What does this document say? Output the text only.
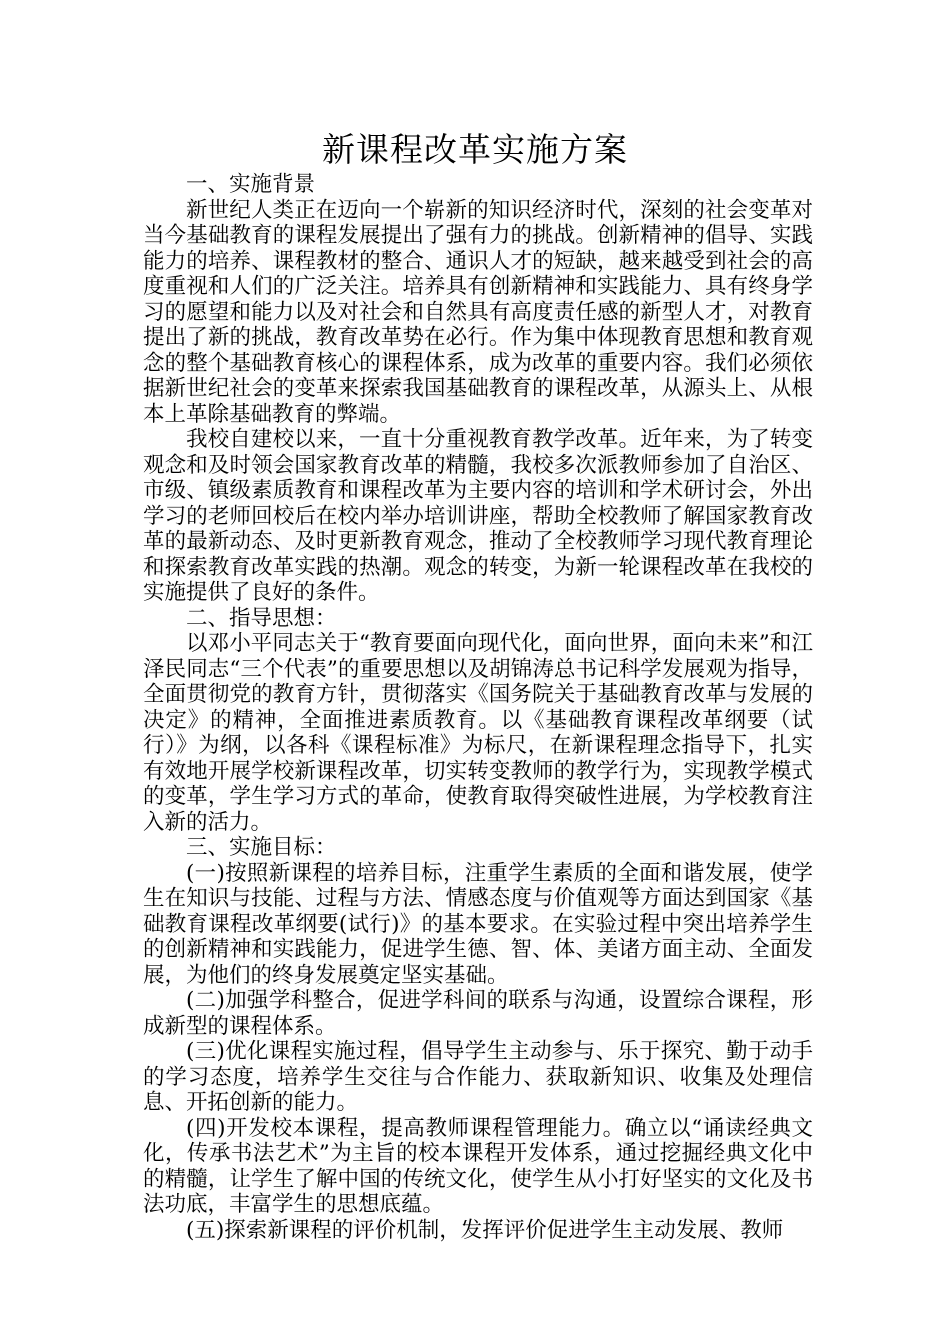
新课程改革实施方案

一、实施背景

新世纪人类正在迈向一个崭新的知识经济时代，深刻的社会变革对当今基础教育的课程发展提出了强有力的挑战。创新精神的倡导、实践能力的培养、课程教材的整合、通识人才的短缺，越来越受到社会的高度重视和人们的广泛关注。培养具有创新精神和实践能力、具有终身学习的愿望和能力以及对社会和自然具有高度责任感的新型人才，对教育提出了新的挑战，教育改革势在必行。作为集中体现教育思想和教育观念的整个基础教育核心的课程体系，成为改革的重要内容。我们必须依据新世纪社会的变革来探索我国基础教育的课程改革，从源头上、从根本上革除基础教育的弊端。

我校自建校以来，一直十分重视教育教学改革。近年来，为了转变观念和及时领会国家教育改革的精髓，我校多次派教师参加了自治区、市级、镇级素质教育和课程改革为主要内容的培训和学术研讨会，外出学习的老师回校后在校内举办培训讲座，帮助全校教师了解国家教育改革的最新动态、及时更新教育观念，推动了全校教师学习现代教育理论和探索教育改革实践的热潮。观念的转变，为新一轮课程改革在我校的实施提供了良好的条件。

二、指导思想：

以邓小平同志关于“教育要面向现代化，面向世界，面向未来”和江泽民同志“三个代表”的重要思想以及胡锦涛总书记科学发展观为指导，全面贯彻党的教育方针，贯彻落实《国务院关于基础教育改革与发展的决定》的精神，全面推进素质教育。以《基础教育课程改革纲要（试行）》为纲，以各科《课程标准》为标尺，在新课程理念指导下，扎实有效地开展学校新课程改革，切实转变教师的教学行为，实现教学模式的变革，学生学习方式的革命，使教育取得突破性进展，为学校教育注入新的活力。

三、实施目标：

(一)按照新课程的培养目标，注重学生素质的全面和谐发展，使学生在知识与技能、过程与方法、情感态度与价值观等方面达到国家《基础教育课程改革纲要(试行)》的基本要求。在实验过程中突出培养学生的创新精神和实践能力，促进学生德、智、体、美诸方面主动、全面发展，为他们的终身发展奠定坚实基础。

(二)加强学科整合，促进学科间的联系与沟通，设置综合课程，形成新型的课程体系。

(三)优化课程实施过程，倡导学生主动参与、乐于探究、勤于动手的学习态度，培养学生交往与合作能力、获取新知识、收集及处理信息、开拓创新的能力。

(四)开发校本课程，提高教师课程管理能力。确立以“诵读经典文化，传承书法艺术”为主旨的校本课程开发体系，通过挖掘经典文化中的精髓，让学生了解中国的传统文化，使学生从小打好坚实的文化及书法功底，丰富学生的思想底蕴。

(五)探索新课程的评价机制，发挥评价促进学生主动发展、教师
